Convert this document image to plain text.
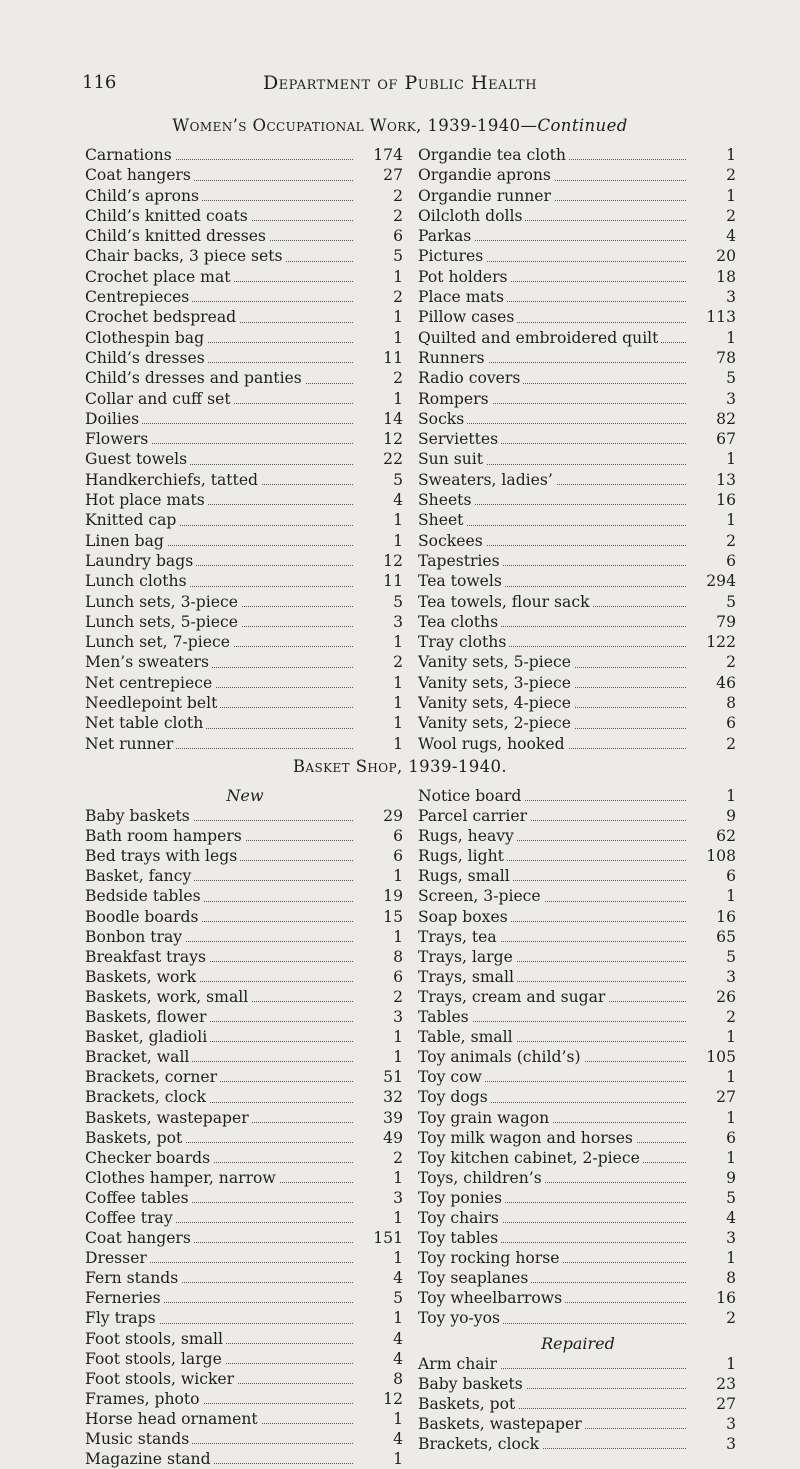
116	Department of Public Health
Women’s Occupational Work, 1939-1940—Continued
Carnations	174
Coat hangers	27
Child’s aprons	2
Child’s knitted coats	2
Child’s knitted dresses	6
Chair backs, 3 piece sets	5
Crochet place mat	1
Centrepieces	2
Crochet bedspread	1
Clothespin bag	1
Child’s dresses	11
Child’s dresses and panties	2
Collar and cuff set	1
Doilies	14
Flowers	12
Guest towels	22
Handkerchiefs, tatted	5
Hot place mats	4
Knitted cap	1
Linen bag	1
Laundry bags	12
Lunch cloths	11
Lunch sets, 3-piece	5
Lunch sets, 5-piece	3
Lunch set, 7-piece	1
Men’s sweaters	2
Net centrepiece	1
Needlepoint belt	1
Net table cloth	1
Net runner	1
Organdie tea cloth	1
Organdie aprons	2
Organdie runner	1
Oilcloth dolls	2
Parkas	4
Pictures	20
Pot holders	18
Place mats	3
Pillow cases	113
Quilted and embroidered quilt	1
Runners	78
Radio covers	5
Rompers	3
Socks	82
Serviettes	67
Sun suit	1
Sweaters, ladies’	13
Sheets	16
Sheet	1
Sockees	2
Tapestries	6
Tea towels	294
Tea towels, flour sack	5
Tea cloths	79
Tray cloths	122
Vanity sets, 5-piece	2
Vanity sets, 3-piece	46
Vanity sets, 4-piece	8
Vanity sets, 2-piece	6
Wool rugs, hooked	2
Basket Shop, 1939-1940.
New
Baby baskets	29
Bath room hampers	6
Bed trays with legs	6
Basket, fancy	1
Bedside tables	19
Boodle boards	15
Bonbon tray	1
Breakfast trays	8
Baskets, work	6
Baskets, work, small	2
Baskets, flower	3
Basket, gladioli	1
Bracket, wall	1
Brackets, corner	51
Brackets, clock	32
Baskets, wastepaper	39
Baskets, pot	49
Checker boards	2
Clothes hamper, narrow	1
Coffee tables	3
Coffee tray	1
Coat hangers	151
Dresser	1
Fern stands	4
Ferneries	5
Fly traps	1
Foot stools, small	4
Foot stools, large	4
Foot stools, wicker	8
Frames, photo	12
Horse head ornament	1
Music stands	4
Magazine stand	1
Notice board	1
Parcel carrier	9
Rugs, heavy	62
Rugs, light	108
Rugs, small	6
Screen, 3-piece	1
Soap boxes	16
Trays, tea	65
Trays, large	5
Trays, small	3
Trays, cream and sugar	26
Tables	2
Table, small	1
Toy animals (child’s)	105
Toy cow	1
Toy dogs	27
Toy grain wagon	1
Toy milk wagon and horses	6
Toy kitchen cabinet, 2-piece	1
Toys, children’s	9
Toy ponies	5
Toy chairs	4
Toy tables	3
Toy rocking horse	1
Toy seaplanes	8
Toy wheelbarrows	16
Toy yo-yos	2
Repaired
Arm chair	1
Baby baskets	23
Baskets, pot	27
Baskets, wastepaper	3
Brackets, clock	3
